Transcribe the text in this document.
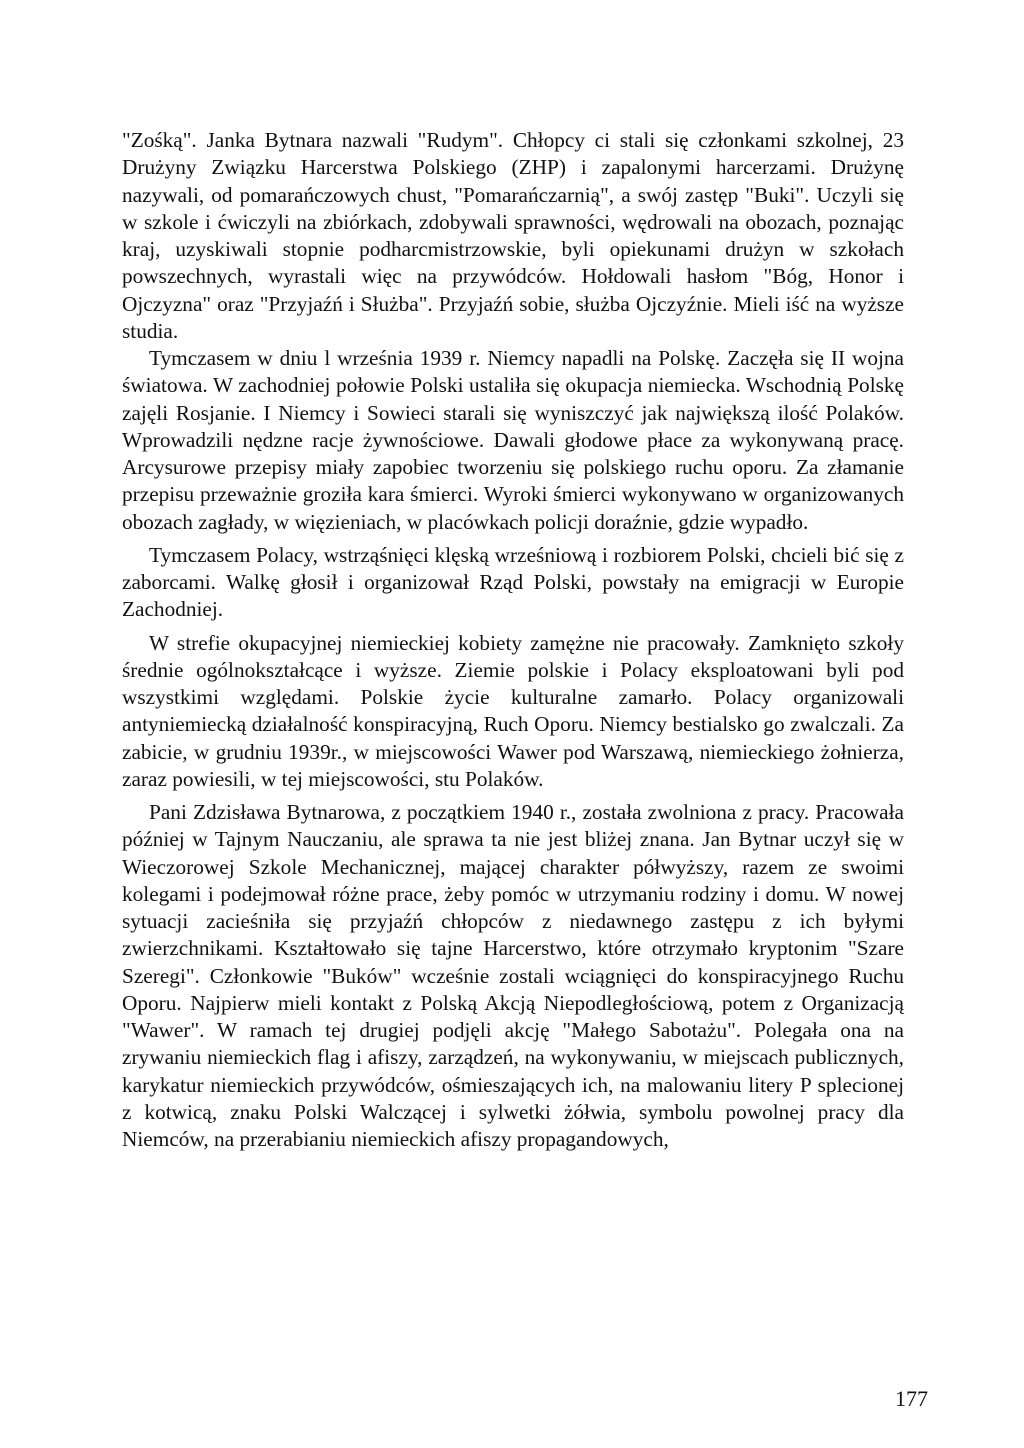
"Zośką". Janka Bytnara nazwali "Rudym". Chłopcy ci stali się członkami szkolnej, 23 Drużyny Związku Harcerstwa Polskiego (ZHP) i zapalonymi harcerzami. Drużynę nazywali, od pomarańczowych chust, "Pomarańczarnią", a swój zastęp "Buki". Uczyli się w szkole i ćwiczyli na zbiórkach, zdobywali sprawności, wędrowali na obozach, poznając kraj, uzyskiwali stopnie podharcmistrzowskie, byli opiekunami drużyn w szkołach powszechnych, wyrastali więc na przywódców. Hołdowali hasłom "Bóg, Honor i Ojczyzna" oraz "Przyjaźń i Służba". Przyjaźń sobie, służba Ojczyźnie. Mieli iść na wyższe studia.

Tymczasem w dniu l września 1939 r. Niemcy napadli na Polskę. Zaczęła się II wojna światowa. W zachodniej połowie Polski ustaliła się okupacja niemiecka. Wschodnią Polskę zajęli Rosjanie. I Niemcy i Sowieci starali się wyniszczyć jak największą ilość Polaków. Wprowadzili nędzne racje żywnościowe. Dawali głodowe płace za wykonywaną pracę. Arcysurowe przepisy miały zapobiec tworzeniu się polskiego ruchu oporu. Za złamanie przepisu przeważnie groziła kara śmierci. Wyroki śmierci wykonywano w organizowanych obozach zagłady, w więzieniach, w placówkach policji doraźnie, gdzie wypadło.

Tymczasem Polacy, wstrząśnięci klęską wrześniową i rozbiorem Polski, chcieli bić się z zaborcami. Walkę głosił i organizował Rząd Polski, powstały na emigracji w Europie Zachodniej.

W strefie okupacyjnej niemieckiej kobiety zamężne nie pracowały. Zamknięto szkoły średnie ogólnokształcące i wyższe. Ziemie polskie i Polacy eksploatowani byli pod wszystkimi względami. Polskie życie kulturalne zamarło. Polacy organizowali antyniemiecką działalność konspiracyjną, Ruch Oporu. Niemcy bestialsko go zwalczali. Za zabicie, w grudniu 1939r., w miejscowości Wawer pod Warszawą, niemieckiego żołnierza, zaraz powiesili, w tej miejscowości, stu Polaków.

Pani Zdzisława Bytnarowa, z początkiem 1940 r., została zwolniona z pracy. Pracowała później w Tajnym Nauczaniu, ale sprawa ta nie jest bliżej znana. Jan Bytnar uczył się w Wieczorowej Szkole Mechanicznej, mającej charakter półwyższy, razem ze swoimi kolegami i podejmował różne prace, żeby pomóc w utrzymaniu rodziny i domu. W nowej sytuacji zacieśniła się przyjaźń chłopców z niedawnego zastępu z ich byłymi zwierzchnikami. Kształtowało się tajne Harcerstwo, które otrzymało kryptonim "Szare Szeregi". Członkowie "Buków" wcześnie zostali wciągnięci do konspiracyjnego Ruchu Oporu. Najpierw mieli kontakt z Polską Akcją Niepodległościową, potem z Organizacją "Wawer". W ramach tej drugiej podjęli akcję "Małego Sabotażu". Polegała ona na zrywaniu niemieckich flag i afiszy, zarządzeń, na wykonywaniu, w miejscach publicznych, karykatur niemieckich przywódców, ośmieszających ich, na malowaniu litery P splecionej z kotwicą, znaku Polski Walczącej i sylwetki żółwia, symbolu powolnej pracy dla Niemców, na przerabianiu niemieckich afiszy propagandowych,

177
